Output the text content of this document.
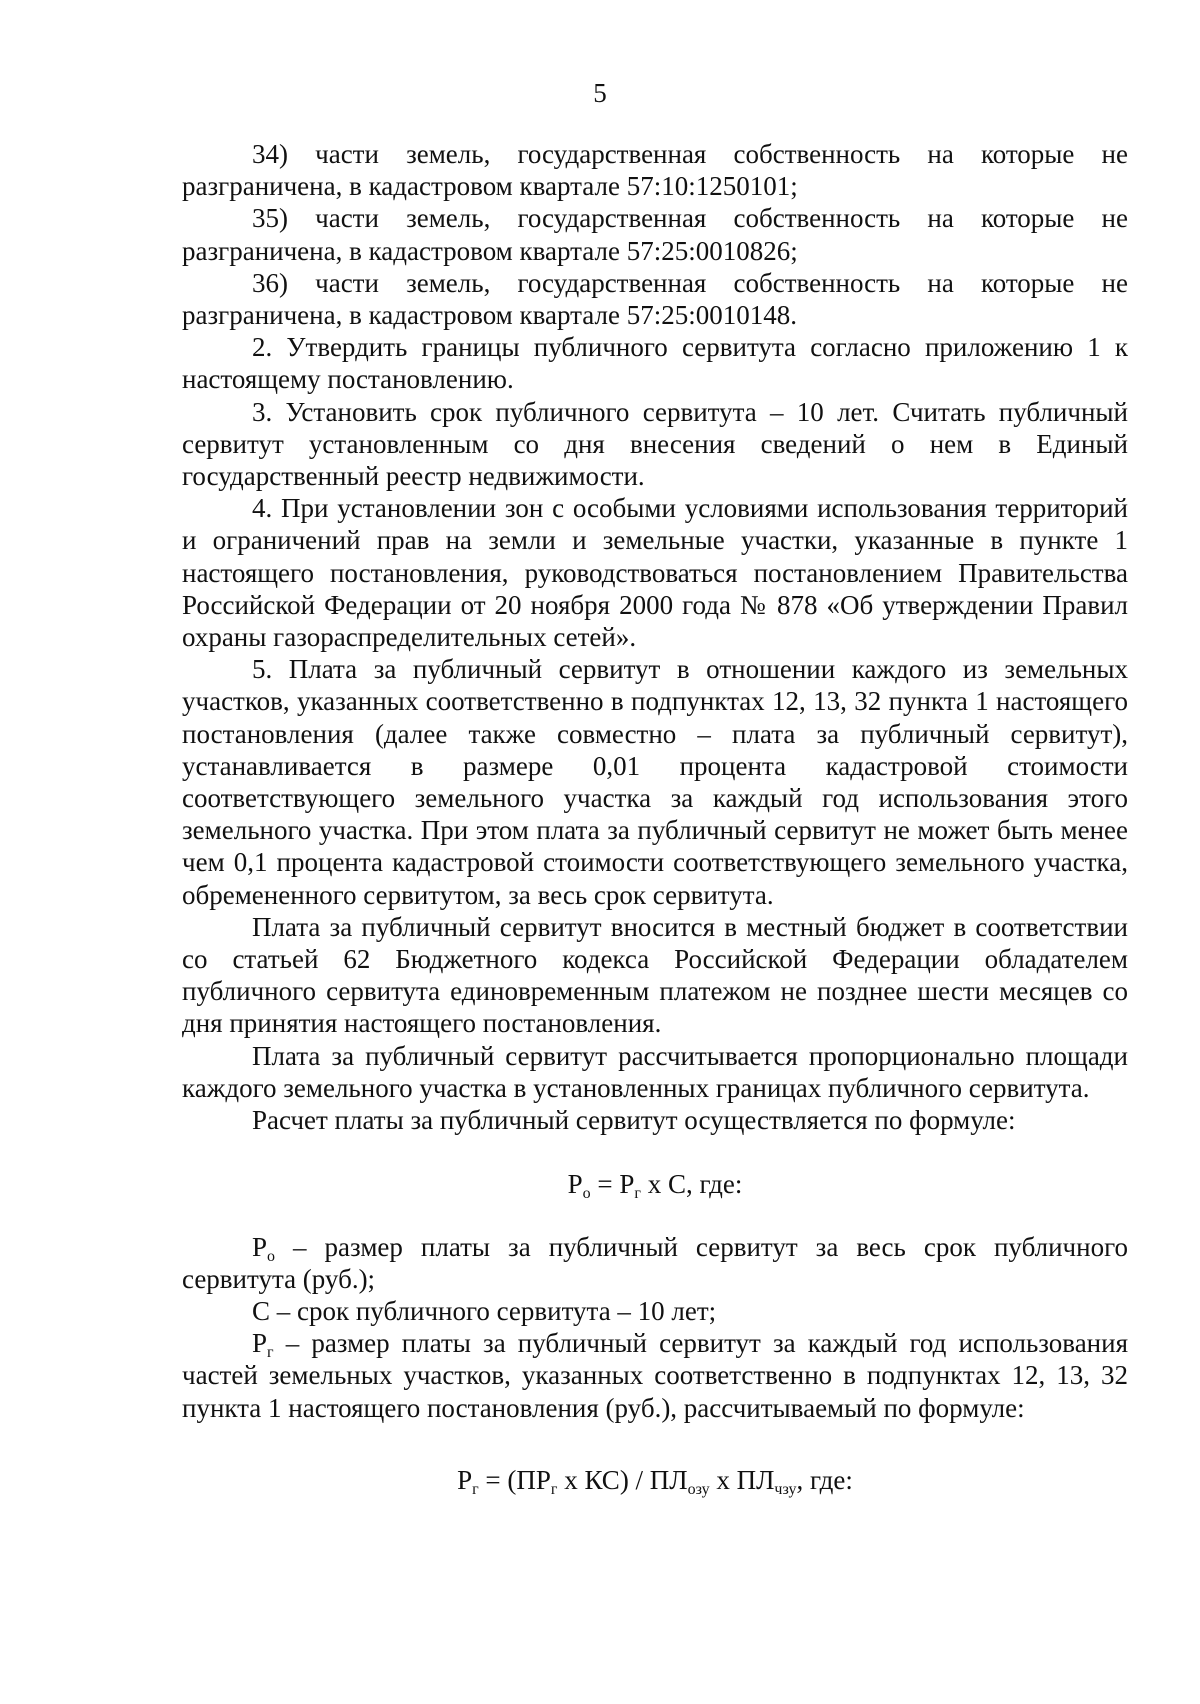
5

34) части земель, государственная собственность на которые не разграничена, в кадастровом квартале 57:10:1250101;

35) части земель, государственная собственность на которые не разграничена, в кадастровом квартале 57:25:0010826;

36) части земель, государственная собственность на которые не разграничена, в кадастровом квартале 57:25:0010148.

2. Утвердить границы публичного сервитута согласно приложению 1 к настоящему постановлению.

3. Установить срок публичного сервитута – 10 лет. Считать публичный сервитут установленным со дня внесения сведений о нем в Единый государственный реестр недвижимости.

4. При установлении зон с особыми условиями использования территорий и ограничений прав на земли и земельные участки, указанные в пункте 1 настоящего постановления, руководствоваться постановлением Правительства Российской Федерации от 20 ноября 2000 года № 878 «Об утверждении Правил охраны газораспределительных сетей».

5. Плата за публичный сервитут в отношении каждого из земельных участков, указанных соответственно в подпунктах 12, 13, 32 пункта 1 настоящего постановления (далее также совместно – плата за публичный сервитут), устанавливается в размере 0,01 процента кадастровой стоимости соответствующего земельного участка за каждый год использования этого земельного участка. При этом плата за публичный сервитут не может быть менее чем 0,1 процента кадастровой стоимости соответствующего земельного участка, обремененного сервитутом, за весь срок сервитута.

Плата за публичный сервитут вносится в местный бюджет в соответствии со статьей 62 Бюджетного кодекса Российской Федерации обладателем публичного сервитута единовременным платежом не позднее шести месяцев со дня принятия настоящего постановления.

Плата за публичный сервитут рассчитывается пропорционально площади каждого земельного участка в установленных границах публичного сервитута.

Расчет платы за публичный сервитут осуществляется по формуле:

$Р_о = Р_г$ х С, где:

$Р_о$ – размер платы за публичный сервитут за весь срок публичного сервитута (руб.);

С – срок публичного сервитута – 10 лет;

$Р_г$ – размер платы за публичный сервитут за каждый год использования частей земельных участков, указанных соответственно в подпунктах 12, 13, 32 пункта 1 настоящего постановления (руб.), рассчитываемый по формуле:

$Р_г = (ПР_г$ х $КС) / ПЛ_{озу}$ х $ПЛ_{чзу}$, где:
